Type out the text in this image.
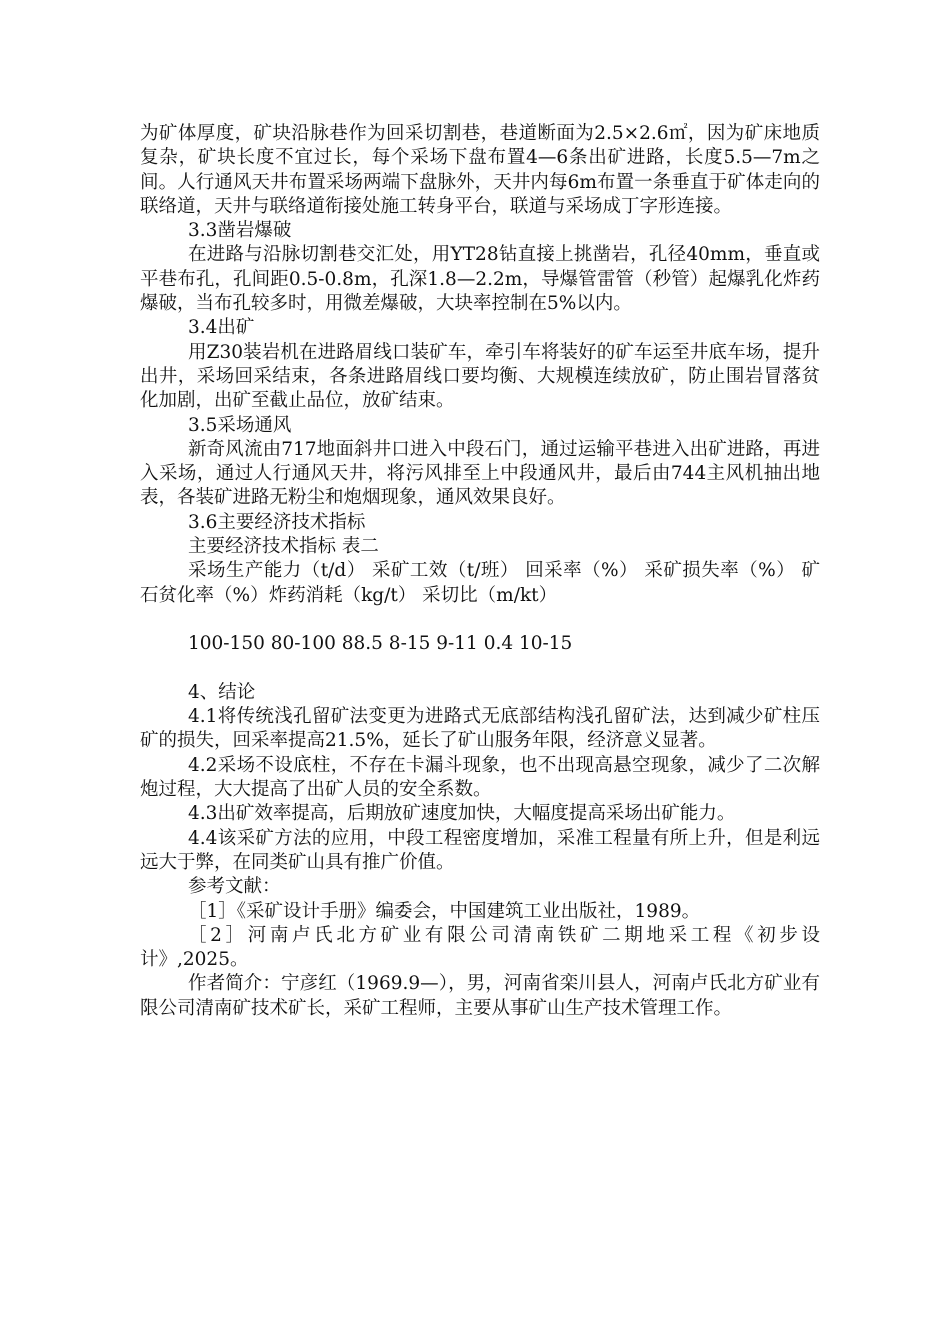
为矿体厚度，矿块沿脉巷作为回采切割巷，巷道断面为2.5×2.6㎡，因为矿床地质复杂，矿块长度不宜过长，每个采场下盘布置4—6条出矿进路，长度5.5—7m之间。人行通风天井布置采场两端下盘脉外，天井内每6m布置一条垂直于矿体走向的联络道，天井与联络道衔接处施工转身平台，联道与采场成丁字形连接。

3.3凿岩爆破

在进路与沿脉切割巷交汇处，用YT28钻直接上挑凿岩，孔径40mm，垂直或平巷布孔，孔间距0.5-0.8m，孔深1.8—2.2m，导爆管雷管（秒管）起爆乳化炸药爆破，当布孔较多时，用微差爆破，大块率控制在5%以内。

3.4出矿

用Z30装岩机在进路眉线口装矿车，牵引车将装好的矿车运至井底车场，提升出井，采场回采结束，各条进路眉线口要均衡、大规模连续放矿，防止围岩冒落贫化加剧，出矿至截止品位，放矿结束。

3.5采场通风

新奇风流由717地面斜井口进入中段石门，通过运输平巷进入出矿进路，再进入采场，通过人行通风天井，将污风排至上中段通风井，最后由744主风机抽出地表，各装矿进路无粉尘和炮烟现象，通风效果良好。

3.6主要经济技术指标

主要经济技术指标 表二

采场生产能力（t/d） 采矿工效（t/班） 回采率（%） 采矿损失率（%） 矿石贫化率（%）炸药消耗（kg/t） 采切比（m/kt）

100-150 80-100 88.5 8-15 9-11 0.4 10-15

4、结论

4.1将传统浅孔留矿法变更为进路式无底部结构浅孔留矿法，达到减少矿柱压矿的损失，回采率提高21.5%，延长了矿山服务年限，经济意义显著。

4.2采场不设底柱，不存在卡漏斗现象，也不出现高悬空现象，减少了二次解炮过程，大大提高了出矿人员的安全系数。

4.3出矿效率提高，后期放矿速度加快，大幅度提高采场出矿能力。

4.4该采矿方法的应用，中段工程密度增加，采准工程量有所上升，但是利远远大于弊，在同类矿山具有推广价值。

参考文献：

［1］《采矿设计手册》编委会，中国建筑工业出版社，1989。

［2］河南卢氏北方矿业有限公司清南铁矿二期地采工程《初步设计》,2025。

作者简介：宁彦红（1969.9—），男，河南省栾川县人，河南卢氏北方矿业有限公司清南矿技术矿长，采矿工程师，主要从事矿山生产技术管理工作。
